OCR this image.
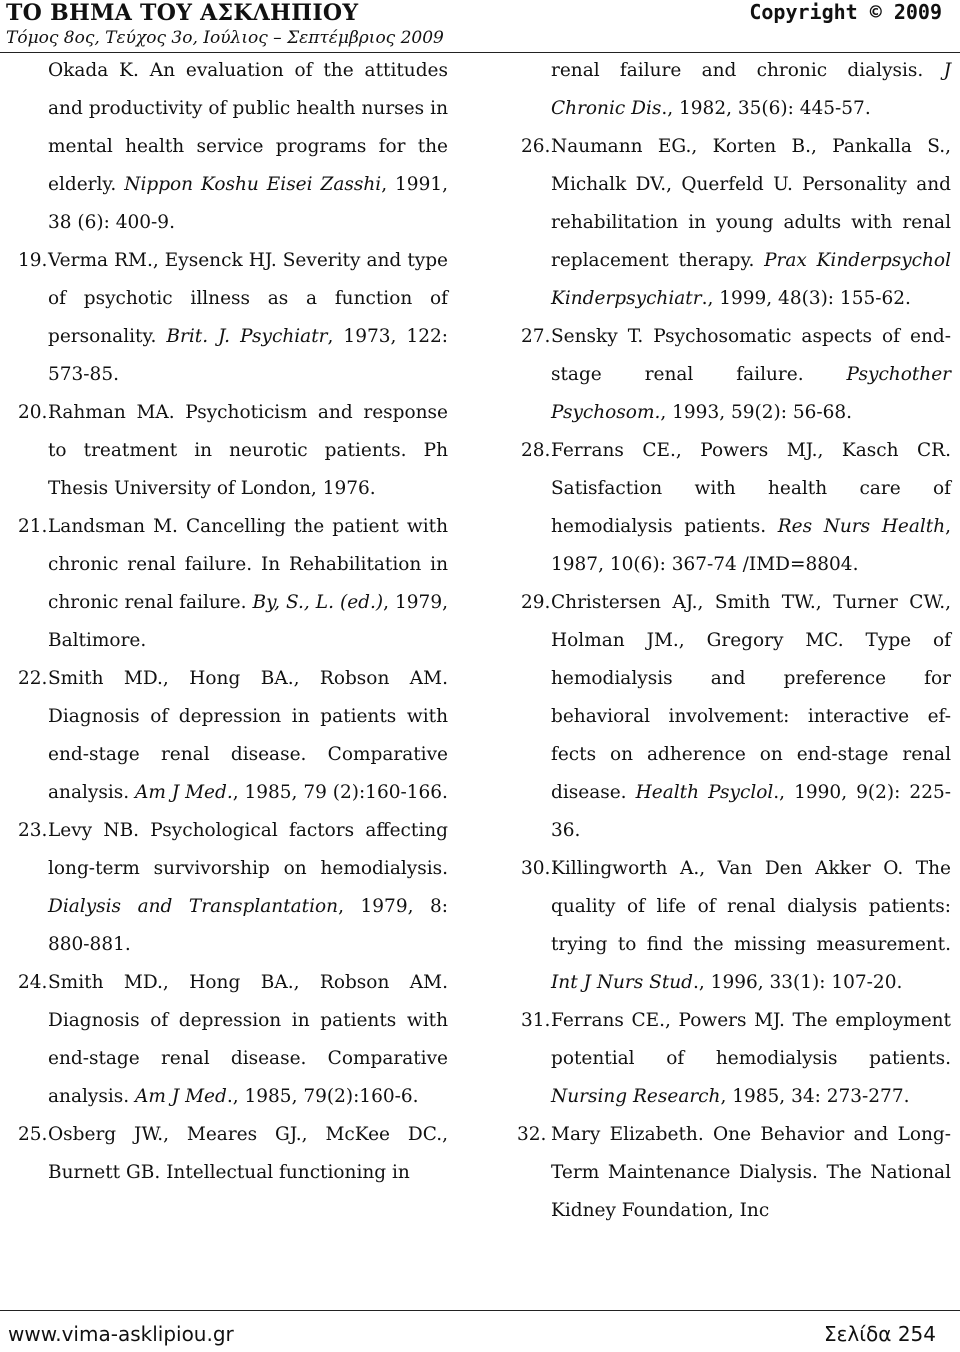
ΤΟ ΒΗΜΑ ΤΟΥ ΑΣΚΛΗΠΙΟΥ	Copyright © 2009
Τόμος 8ος, Τεύχος 3ο, Ιούλιος – Σεπτέμβριος 2009
Okada K. An evaluation of the attitudes and productivity of public health nurses in mental health service programs for the elderly. Nippon Koshu Eisei Zasshi, 1991, 38 (6): 400-9.
19. Verma RM., Eysenck HJ. Severity and type of psychotic illness as a function of personality. Brit. J. Psychiatr, 1973, 122: 573-85.
20. Rahman MA. Psychoticism and response to treatment in neurotic patients. Ph Thesis University of London, 1976.
21. Landsman M. Cancelling the patient with chronic renal failure. In Rehabilitation in chronic renal failure. By, S., L. (ed.), 1979, Baltimore.
22. Smith MD., Hong BA., Robson AM. Diagnosis of depression in patients with end-stage renal disease. Comparative analysis. Am J Med., 1985, 79 (2):160-166.
23. Levy NB. Psychological factors affecting long-term survivorship on hemodialysis. Dialysis and Transplantation, 1979, 8: 880-881.
24. Smith MD., Hong BA., Robson AM. Diagnosis of depression in patients with end-stage renal disease. Comparative analysis. Am J Med., 1985, 79(2):160-6.
25. Osberg JW., Meares GJ., McKee DC., Burnett GB. Intellectual functioning in
renal failure and chronic dialysis. J Chronic Dis., 1982, 35(6): 445-57.
26. Naumann EG., Korten B., Pankalla S., Michalk DV., Querfeld U. Personality and rehabilitation in young adults with renal replacement therapy. Prax Kinderpsychol Kinderpsychiatr., 1999, 48(3): 155-62.
27. Sensky T. Psychosomatic aspects of end-stage renal failure. Psychother Psychosom., 1993, 59(2): 56-68.
28. Ferrans CE., Powers MJ., Kasch CR. Satisfaction with health care of hemodialysis patients. Res Nurs Health, 1987, 10(6): 367-74 /IMD=8804.
29. Christersen AJ., Smith TW., Turner CW., Holman JM., Gregory MC. Type of hemodialysis and preference for behavioral involvement: interactive ef-fects on adherence on end-stage renal disease. Health Psyclol., 1990, 9(2): 225-36.
30. Killingworth A., Van Den Akker O. The quality of life of renal dialysis patients: trying to find the missing measurement. Int J Nurs Stud., 1996, 33(1): 107-20.
31. Ferrans CE., Powers MJ. The employment potential of hemodialysis patients. Nursing Research, 1985, 34: 273-277.
32. Mary Elizabeth. One Behavior and Long-Term Maintenance Dialysis. The National Kidney Foundation, Inc
www.vima-asklipiou.gr	Σελίδα 254
